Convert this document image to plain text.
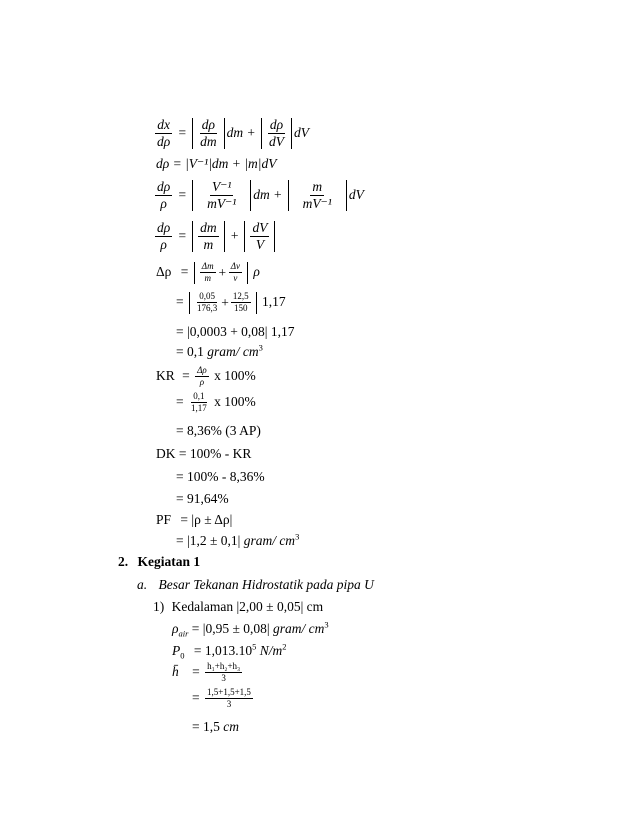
$\frac{dx}{d\rho} = \frac{d\rho}{dm}$ dm + $\frac{d\rho}{dV}$ dV
dρ = |V⁻¹|dm + |m|dV
$\frac{d\rho}{\rho} = \frac{\text{V⁻¹}}{\text{mV⁻¹}}$ dm + $\frac{m}{\text{mV⁻¹}}$ dV
$\frac{d\rho}{\rho} = \frac{dm}{m} + \frac{dV}{V}$
$\Delta\rho = \frac{\Delta m}{m} + \frac{\Delta v}{v}$ ρ
= $\frac{0,05}{176,3} + \frac{12,5}{150} 1,17$
= |0,0003 + 0,08| 1,17
= 0,1 gram/ $cm^3$
KR = $\frac{\Delta\rho}{\rho}$ x 100%
= $\frac{0,1}{1,17}$ x 100%
= 8,36% (3 AP)
DK = 100% - KR
= 100% - 8,36%
= 91,64%
PF = |ρ ± Δρ|
= |1,2 ± 0,1| gram/ $cm^3$
2. Kegiatan 1
a. Besar Tekanan Hidrostatik pada pipa U
1) Kedalaman |2,00 ± 0,05| cm
$\rho_{air} = |0,95 \pm 0,08|$ gram/ $cm^3$
$P_0 = 1,013.10^5$ $N/m^2$
h̄ = $\frac{\text{h₁+h₂+h₃}}{3}$
= $\frac{1,5+1,5+1,5}{3}$
= 1,5 cm
